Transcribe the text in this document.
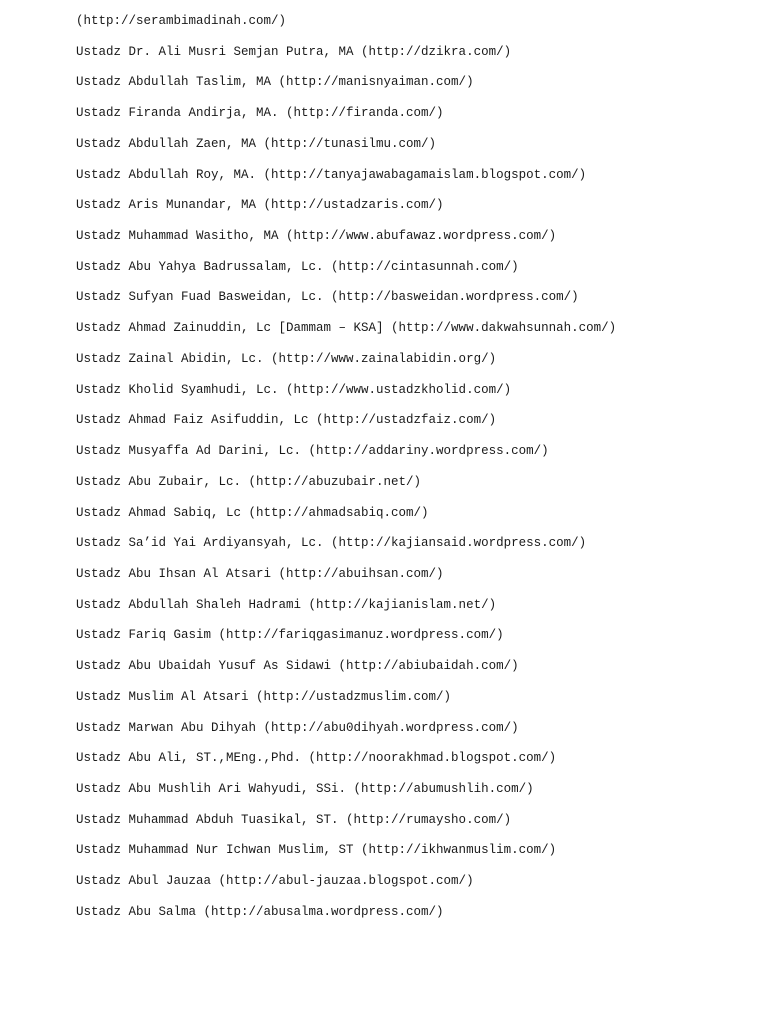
(http://serambimadinah.com/)
Ustadz Dr. Ali Musri Semjan Putra, MA (http://dzikra.com/)
Ustadz Abdullah Taslim, MA (http://manisnyaiman.com/)
Ustadz Firanda Andirja, MA. (http://firanda.com/)
Ustadz Abdullah Zaen, MA (http://tunasilmu.com/)
Ustadz Abdullah Roy, MA. (http://tanyajawabagamaislam.blogspot.com/)
Ustadz Aris Munandar, MA (http://ustadzaris.com/)
Ustadz Muhammad Wasitho, MA (http://www.abufawaz.wordpress.com/)
Ustadz Abu Yahya Badrussalam, Lc. (http://cintasunnah.com/)
Ustadz Sufyan Fuad Basweidan, Lc. (http://basweidan.wordpress.com/)
Ustadz Ahmad Zainuddin, Lc [Dammam – KSA] (http://www.dakwahsunnah.com/)
Ustadz Zainal Abidin, Lc. (http://www.zainalabidin.org/)
Ustadz Kholid Syamhudi, Lc. (http://www.ustadzkholid.com/)
Ustadz Ahmad Faiz Asifuddin, Lc (http://ustadzfaiz.com/)
Ustadz Musyaffa Ad Darini, Lc. (http://addariny.wordpress.com/)
Ustadz Abu Zubair, Lc. (http://abuzubair.net/)
Ustadz Ahmad Sabiq, Lc (http://ahmadsabiq.com/)
Ustadz Sa’id Yai Ardiyansyah, Lc. (http://kajiansaid.wordpress.com/)
Ustadz Abu Ihsan Al Atsari (http://abuihsan.com/)
Ustadz Abdullah Shaleh Hadrami (http://kajianislam.net/)
Ustadz Fariq Gasim (http://fariqgasimanuz.wordpress.com/)
Ustadz Abu Ubaidah Yusuf As Sidawi (http://abiubaidah.com/)
Ustadz Muslim Al Atsari (http://ustadzmuslim.com/)
Ustadz Marwan Abu Dihyah (http://abu0dihyah.wordpress.com/)
Ustadz Abu Ali, ST.,MEng.,Phd. (http://noorakhmad.blogspot.com/)
Ustadz Abu Mushlih Ari Wahyudi, SSi. (http://abumushlih.com/)
Ustadz Muhammad Abduh Tuasikal, ST. (http://rumaysho.com/)
Ustadz Muhammad Nur Ichwan Muslim, ST (http://ikhwanmuslim.com/)
Ustadz Abul Jauzaa (http://abul-jauzaa.blogspot.com/)
Ustadz Abu Salma (http://abusalma.wordpress.com/)
